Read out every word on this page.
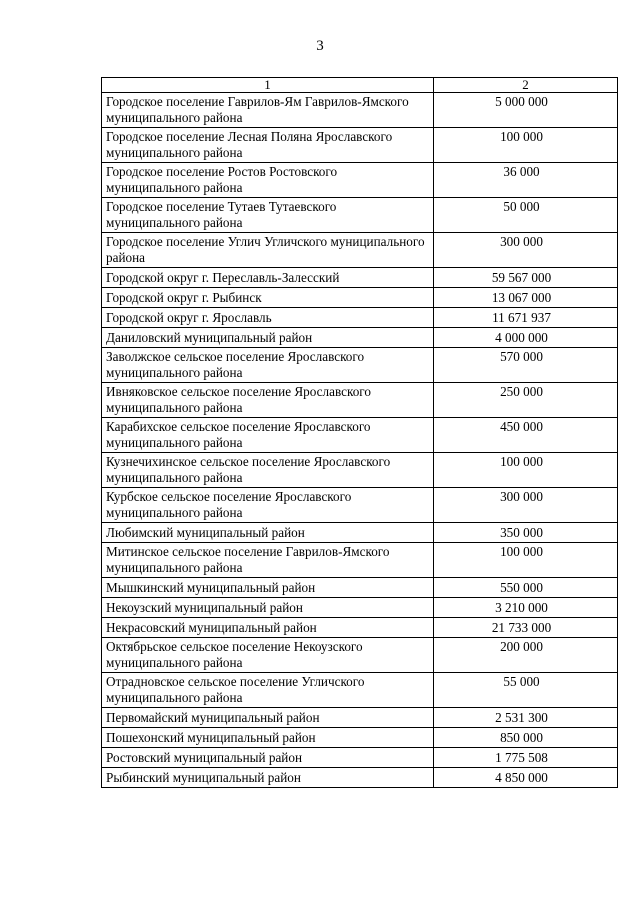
3
1	2
Городское поселение Гаврилов-Ям Гаврилов-Ямского муниципального района	5 000 000
Городское поселение Лесная Поляна Ярославского муниципального района	100 000
Городское поселение Ростов Ростовского муниципального района	36 000
Городское поселение Тутаев Тутаевского муниципального района	50 000
Городское поселение Углич Угличского муниципального района	300 000
Городской округ г. Переславль-Залесский	59 567 000
Городской округ г. Рыбинск	13 067 000
Городской округ г. Ярославль	11 671 937
Даниловский муниципальный район	4 000 000
Заволжское сельское поселение Ярославского муниципального района	570 000
Ивняковское сельское поселение Ярославского муниципального района	250 000
Карабихское сельское поселение Ярославского муниципального района	450 000
Кузнечихинское сельское поселение Ярославского муниципального района	100 000
Курбское сельское поселение Ярославского муниципального района	300 000
Любимский муниципальный район	350 000
Митинское сельское поселение Гаврилов-Ямского муниципального района	100 000
Мышкинский муниципальный район	550 000
Некоузский муниципальный район	3 210 000
Некрасовский муниципальный район	21 733 000
Октябрьское сельское поселение Некоузского муниципального района	200 000
Отрадновское сельское поселение Угличского муниципального района	55 000
Первомайский муниципальный район	2 531 300
Пошехонский муниципальный район	850 000
Ростовский муниципальный район	1 775 508
Рыбинский муниципальный район	4 850 000
